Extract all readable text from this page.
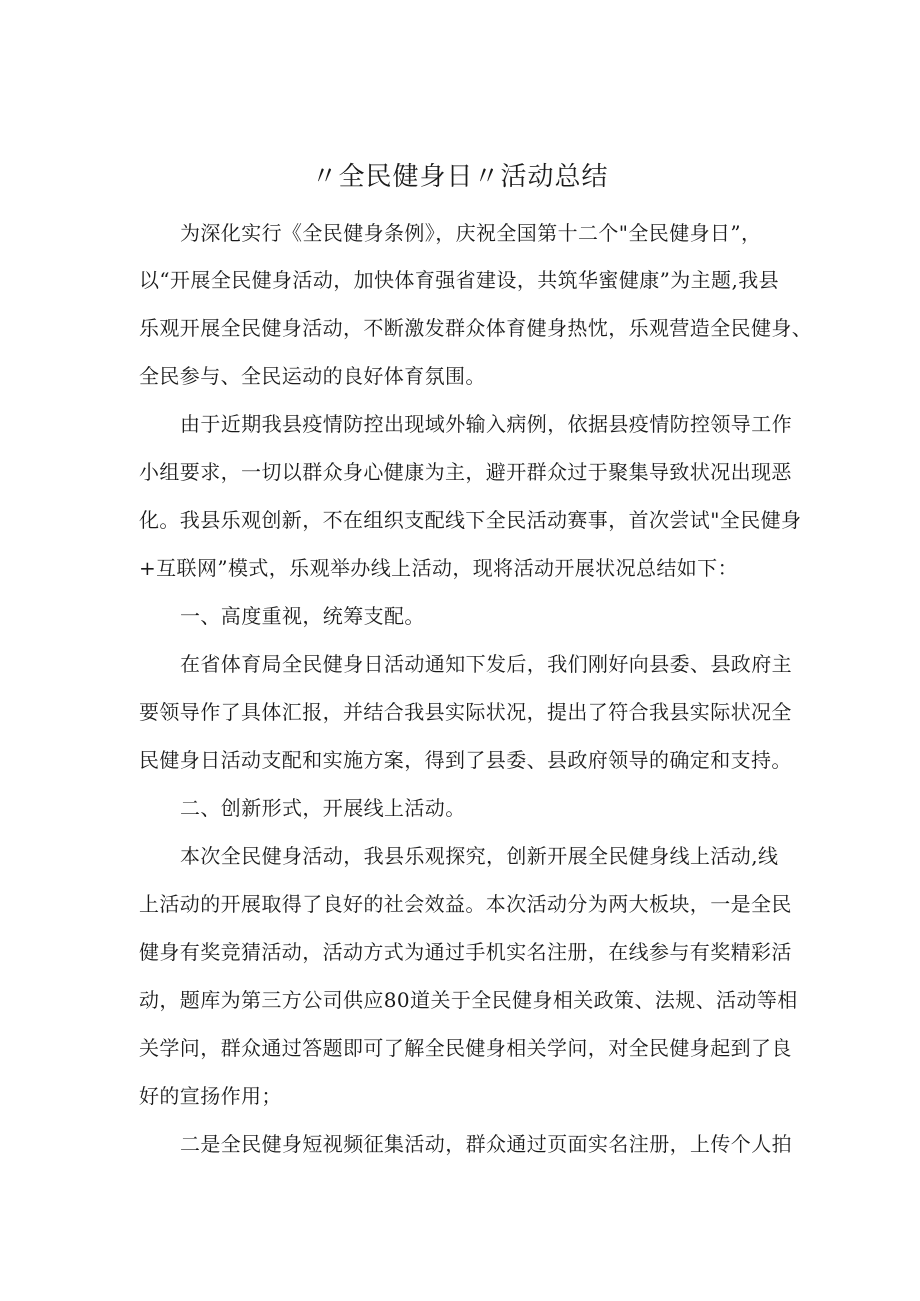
〃全民健身日〃活动总结
为深化实行《全民健身条例》，庆祝全国第十二个"全民健身日”，
以“开展全民健身活动，加快体育强省建设，共筑华蜜健康”为主题,我县
乐观开展全民健身活动，不断激发群众体育健身热忱，乐观营造全民健身、
全民参与、全民运动的良好体育氛围。
由于近期我县疫情防控出现域外输入病例，依据县疫情防控领导工作
小组要求，一切以群众身心健康为主，避开群众过于聚集导致状况出现恶
化。我县乐观创新，不在组织支配线下全民活动赛事，首次尝试"全民健身
+互联网”模式，乐观举办线上活动，现将活动开展状况总结如下：
一、高度重视，统筹支配。
在省体育局全民健身日活动通知下发后，我们刚好向县委、县政府主
要领导作了具体汇报，并结合我县实际状况，提出了符合我县实际状况全
民健身日活动支配和实施方案，得到了县委、县政府领导的确定和支持。
二、创新形式，开展线上活动。
本次全民健身活动，我县乐观探究，创新开展全民健身线上活动,线
上活动的开展取得了良好的社会效益。本次活动分为两大板块，一是全民
健身有奖竞猜活动，活动方式为通过手机实名注册，在线参与有奖精彩活
动，题库为第三方公司供应80道关于全民健身相关政策、法规、活动等相
关学问，群众通过答题即可了解全民健身相关学问，对全民健身起到了良
好的宣扬作用；
二是全民健身短视频征集活动，群众通过页面实名注册，上传个人拍
